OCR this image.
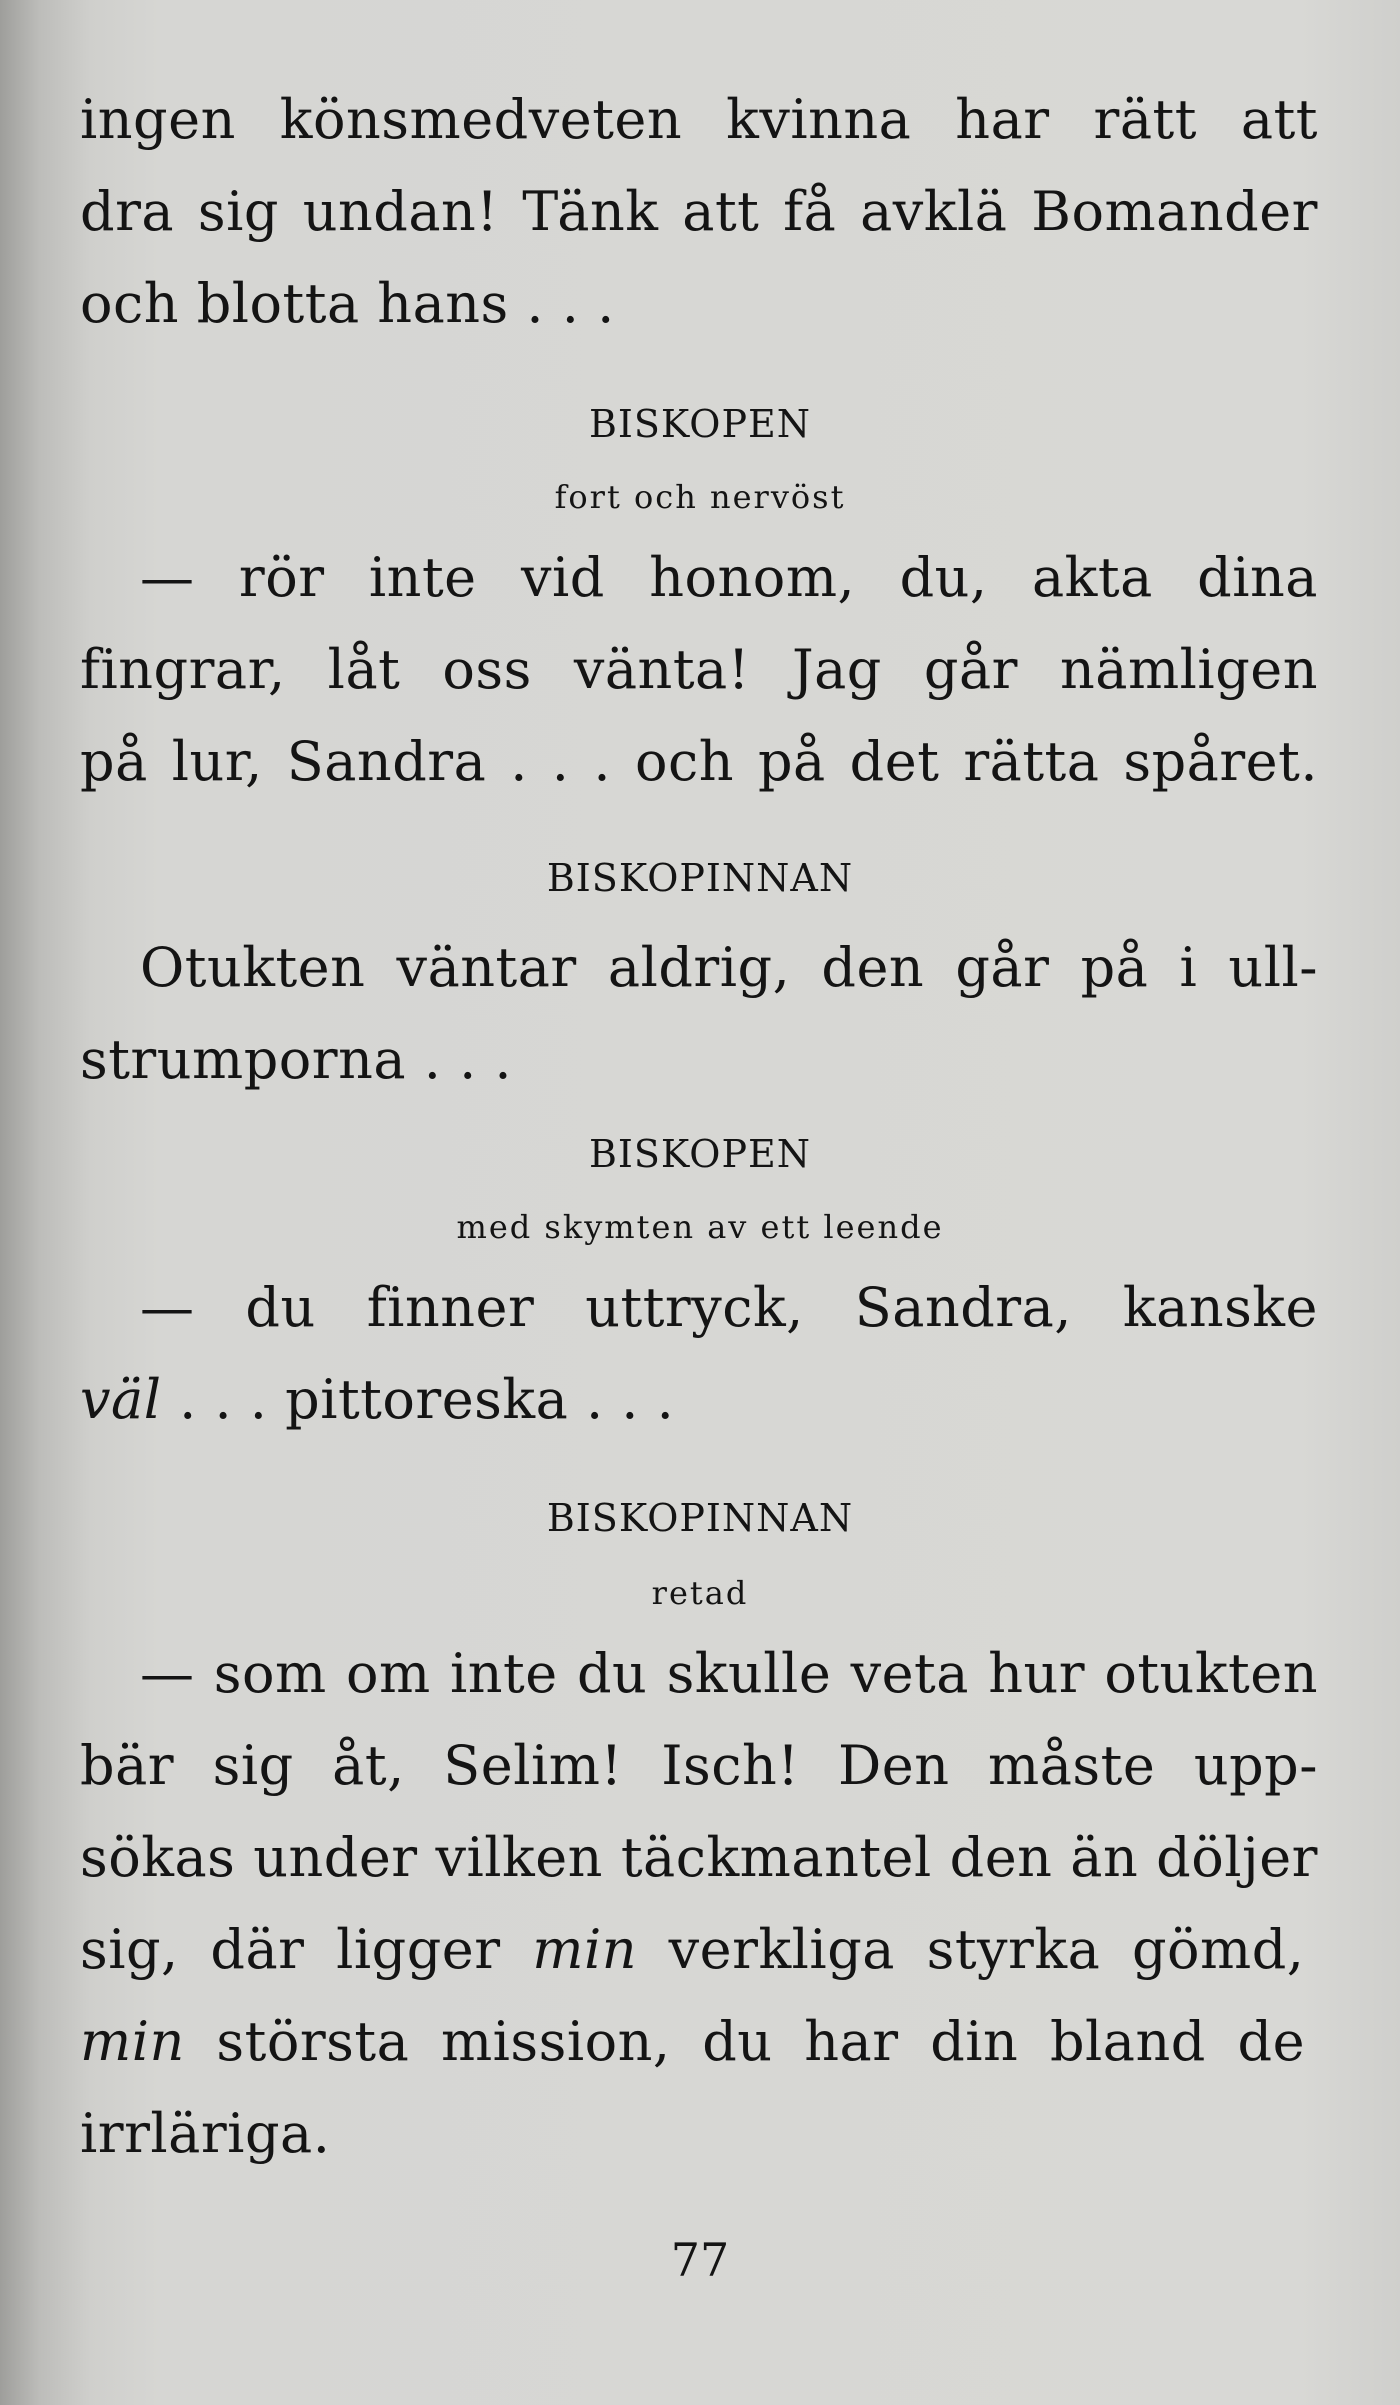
ingen könsmedveten kvinna har rätt att
dra sig undan! Tänk att få avklä Bomander
och blotta hans . . .
BISKOPEN
fort och nervöst
— rör inte vid honom, du, akta dina
fingrar, låt oss vänta! Jag går nämligen
på lur, Sandra . . . och på det rätta spåret.
BISKOPINNAN
Otukten väntar aldrig, den går på i ull-
strumporna . . .
BISKOPEN
med skymten av ett leende
— du finner uttryck, Sandra, kanske
väl . . . pittoreska . . .
BISKOPINNAN
retad
— som om inte du skulle veta hur otukten
bär sig åt, Selim! Isch! Den måste upp-
sökas under vilken täckmantel den än döljer
sig, där ligger min verkliga styrka gömd,
min största mission, du har din bland de
irrläriga.
77
